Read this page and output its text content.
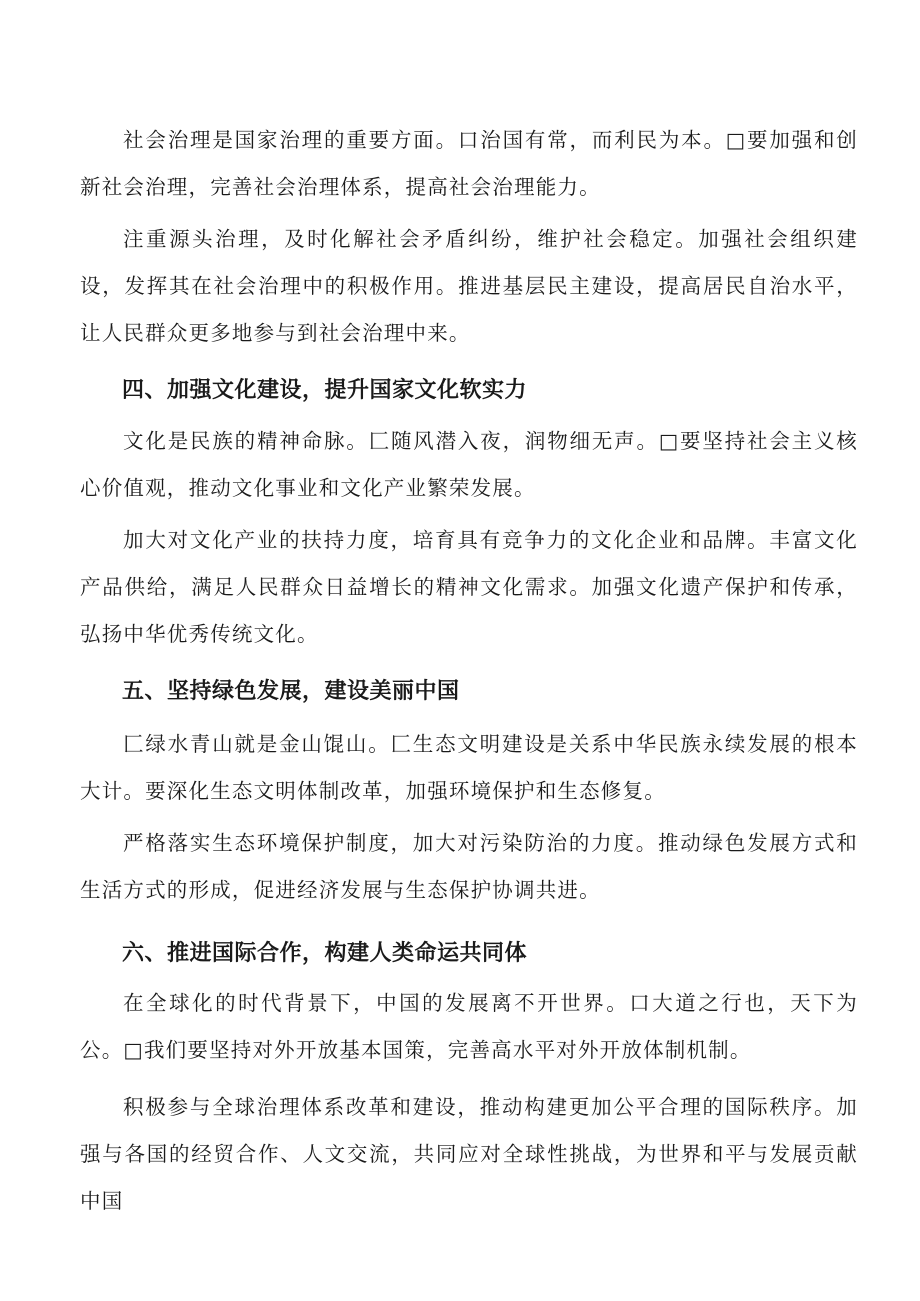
社会治理是国家治理的重要方面。口治国有常，而利民为本。□要加强和创新社会治理，完善社会治理体系，提高社会治理能力。

注重源头治理，及时化解社会矛盾纠纷，维护社会稳定。加强社会组织建设，发挥其在社会治理中的积极作用。推进基层民主建设，提高居民自治水平，让人民群众更多地参与到社会治理中来。

四、加强文化建设，提升国家文化软实力

文化是民族的精神命脉。匚随风潜入夜，润物细无声。□要坚持社会主义核心价值观，推动文化事业和文化产业繁荣发展。

加大对文化产业的扶持力度，培育具有竞争力的文化企业和品牌。丰富文化产品供给，满足人民群众日益增长的精神文化需求。加强文化遗产保护和传承，弘扬中华优秀传统文化。

五、坚持绿色发展，建设美丽中国

匚绿水青山就是金山馄山。匚生态文明建设是关系中华民族永续发展的根本大计。要深化生态文明体制改革，加强环境保护和生态修复。

严格落实生态环境保护制度，加大对污染防治的力度。推动绿色发展方式和生活方式的形成，促进经济发展与生态保护协调共进。

六、推进国际合作，构建人类命运共同体

在全球化的时代背景下，中国的发展离不开世界。口大道之行也，天下为公。□我们要坚持对外开放基本国策，完善高水平对外开放体制机制。

积极参与全球治理体系改革和建设，推动构建更加公平合理的国际秩序。加强与各国的经贸合作、人文交流，共同应对全球性挑战，为世界和平与发展贡献中国
